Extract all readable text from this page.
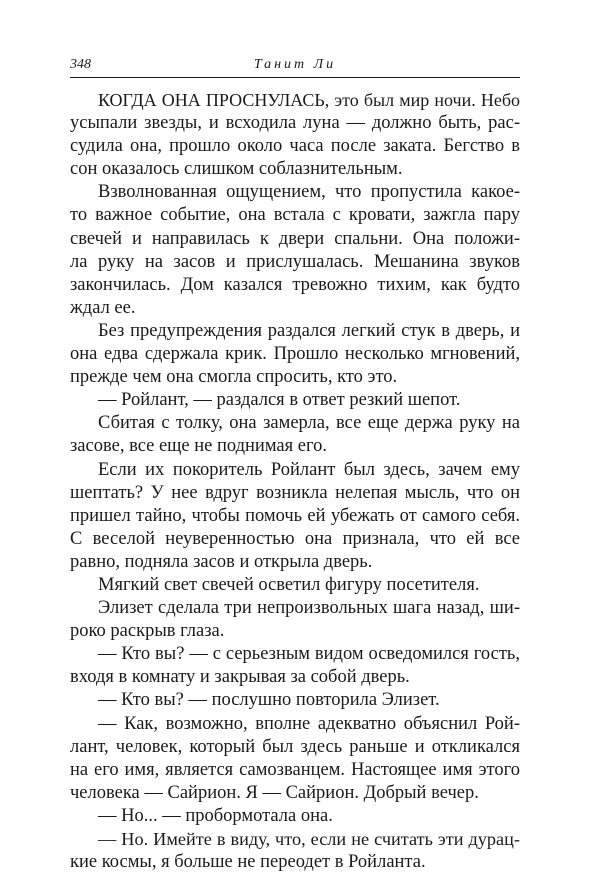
348	Танит Ли
КОГДА ОНА ПРОСНУЛАСЬ, это был мир ночи. Небо
усыпали звезды, и всходила луна — должно быть, рас-
судила она, прошло около часа после заката. Бегство в
сон оказалось слишком соблазнительным.
Взволнованная ощущением, что пропустила какое-
то важное событие, она встала с кровати, зажгла пару
свечей и направилась к двери спальни. Она положи-
ла руку на засов и прислушалась. Мешанина звуков
закончилась. Дом казался тревожно тихим, как будто
ждал ее.
Без предупреждения раздался легкий стук в дверь, и
она едва сдержала крик. Прошло несколько мгновений,
прежде чем она смогла спросить, кто это.
— Ройлант, — раздался в ответ резкий шепот.
Сбитая с толку, она замерла, все еще держа руку на
засове, все еще не поднимая его.
Если их покоритель Ройлант был здесь, зачем ему
шептать? У нее вдруг возникла нелепая мысль, что он
пришел тайно, чтобы помочь ей убежать от самого себя.
С веселой неуверенностью она признала, что ей все
равно, подняла засов и открыла дверь.
Мягкий свет свечей осветил фигуру посетителя.
Элизет сделала три непроизвольных шага назад, ши-
роко раскрыв глаза.
— Кто вы? — с серьезным видом осведомился гость,
входя в комнату и закрывая за собой дверь.
— Кто вы? — послушно повторила Элизет.
— Как, возможно, вполне адекватно объяснил Рой-
лант, человек, который был здесь раньше и откликался
на его имя, является самозванцем. Настоящее имя этого
человека — Сайрион. Я — Сайрион. Добрый вечер.
— Но... — пробормотала она.
— Но. Имейте в виду, что, если не считать эти дурац-
кие космы, я больше не переодет в Ройланта.
